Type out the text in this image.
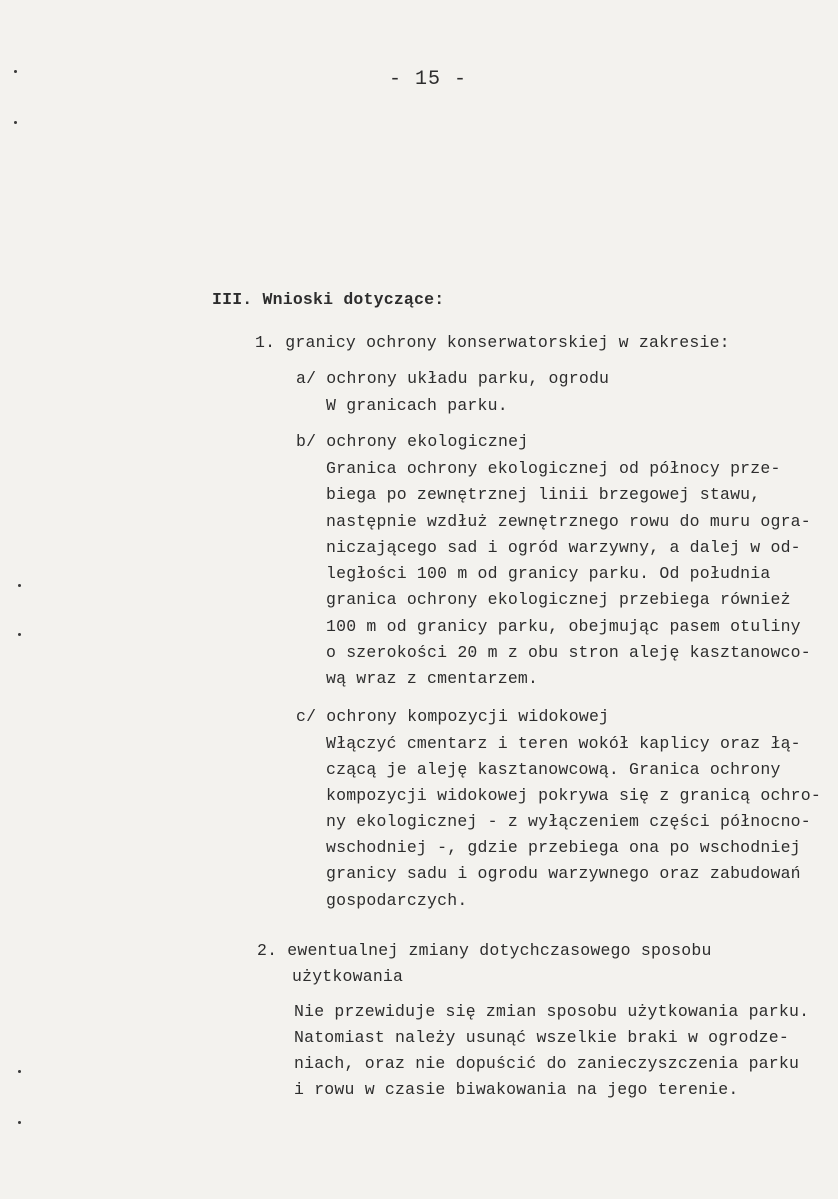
- 15 -
III. Wnioski dotyczące:
1. granicy ochrony konserwatorskiej w zakresie:
a/ ochrony układu parku, ogrodu
W granicach parku.
b/ ochrony ekologicznej
Granica ochrony ekologicznej od północy prze-
biega po zewnętrznej linii brzegowej stawu,
następnie wzdłuż zewnętrznego rowu do muru ogra-
niczającego sad i ogród warzywny, a dalej w od-
ległości 100 m od granicy parku. Od południa
granica ochrony ekologicznej przebiega również
100 m od granicy parku, obejmując pasem otuliny
o szerokości 20 m z obu stron aleję kasztanowco-
wą wraz z cmentarzem.
c/ ochrony kompozycji widokowej
Włączyć cmentarz i teren wokół kaplicy oraz łą-
czącą je aleję kasztanowcową. Granica ochrony
kompozycji widokowej pokrywa się z granicą ochro-
ny ekologicznej - z wyłączeniem części północno-
wschodniej -, gdzie przebiega ona po wschodniej
granicy sadu i ogrodu warzywnego oraz zabudowań
gospodarczych.
2. ewentualnej zmiany dotychczasowego sposobu
użytkowania
Nie przewiduje się zmian sposobu użytkowania parku.
Natomiast należy usunąć wszelkie braki w ogrodze-
niach, oraz nie dopuścić do zanieczyszczenia parku
i rowu w czasie biwakowania na jego terenie.
